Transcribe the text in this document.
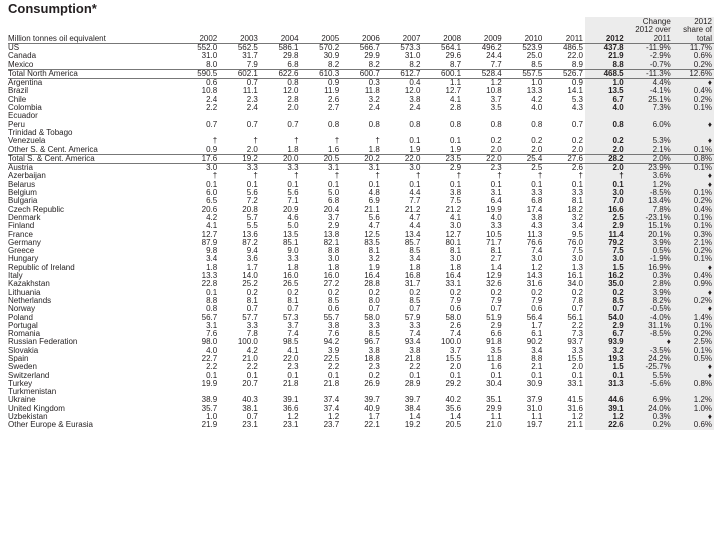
Consumption*
Million tonnes oil equivalent	2002	2003	2004	2005	2006	2007	2008	2009	2010	2011	2012	Change 2012 over 2011	2012 share of total
US	552.0	562.5	586.1	570.2	566.7	573.3	564.1	496.2	523.9	486.5	437.8	-11.9%	11.7%
Canada	31.0	31.7	29.8	30.9	29.9	31.0	29.6	24.4	25.0	22.0	21.9	-2.9%	0.6%
Mexico	8.0	7.9	6.8	8.2	8.2	8.2	8.7	7.7	8.5	8.9	8.8	-0.7%	0.2%
Total North America	590.5	602.1	622.6	610.3	600.7	612.7	600.1	528.4	557.5	526.7	468.5	-11.3%	12.6%
Argentina	0.6	0.7	0.8	0.9	0.3	0.4	1.1	1.2	1.0	0.9	1.0	4.4%	♦
Brazil	10.8	11.1	12.0	11.9	11.8	12.0	12.7	10.8	13.3	14.1	13.5	-4.1%	0.4%
Chile	2.4	2.3	2.8	2.6	3.2	3.8	4.1	3.7	4.2	5.3	6.7	25.1%	0.2%
Colombia	2.2	2.4	2.0	2.7	2.4	2.4	2.8	3.5	4.0	4.3	4.0	7.3%	0.1%
Ecuador													
Peru	0.7	0.7	0.7	0.8	0.8	0.8	0.8	0.8	0.8	0.7	0.8	6.0%	♦
Trinidad & Tobago													
Venezuela	†	†	†	†	†	0.1	0.1	0.2	0.2	0.2	0.2	5.3%	♦
Other S. & Cent. America	0.9	2.0	1.8	1.6	1.8	1.9	1.9	2.0	2.0	2.0	2.0	2.1%	0.1%
Total S. & Cent. America	17.6	19.2	20.0	20.5	20.2	22.0	23.5	22.0	25.4	27.6	28.2	2.0%	0.8%
Austria	3.0	3.3	3.3	3.1	3.1	3.0	2.9	2.3	2.5	2.6	2.0	23.9%	0.1%
Azerbaijan	†	†	†	†	†	†	†	†	†	†	†	3.6%	♦
Belarus	0.1	0.1	0.1	0.1	0.1	0.1	0.1	0.1	0.1	0.1	0.1	1.2%	♦
Belgium	6.0	5.6	5.6	5.0	4.8	4.4	3.8	3.1	3.3	3.3	3.0	-8.5%	0.1%
Bulgaria	6.5	7.2	7.1	6.8	6.9	7.7	7.5	6.4	6.8	8.1	7.0	13.4%	0.2%
Czech Republic	20.6	20.8	20.9	20.4	21.1	21.2	21.2	19.9	17.4	18.2	16.6	7.8%	0.4%
Denmark	4.2	5.7	4.6	3.7	5.6	4.7	4.1	4.0	3.8	3.2	2.5	-23.1%	0.1%
Finland	4.1	5.5	5.0	2.9	4.7	4.4	3.0	3.3	4.3	3.4	2.9	15.1%	0.1%
France	12.7	13.6	13.5	13.8	12.5	13.4	12.7	10.5	11.3	9.5	11.4	20.1%	0.3%
Germany	87.9	87.2	85.1	82.1	83.5	85.7	80.1	71.7	76.6	76.0	79.2	3.9%	2.1%
Greece	9.8	9.4	9.0	8.8	8.1	8.5	8.1	8.1	7.4	7.5	7.5	0.5%	0.2%
Hungary	3.4	3.6	3.3	3.0	3.2	3.4	3.0	2.7	3.0	3.0	3.0	-1.9%	0.1%
Republic of Ireland	1.8	1.7	1.8	1.8	1.9	1.8	1.8	1.4	1.2	1.3	1.5	16.9%	♦
Italy	13.3	14.0	16.0	16.0	16.4	16.8	16.4	12.9	14.3	16.1	16.2	0.3%	0.4%
Kazakhstan	22.8	25.2	26.5	27.2	28.8	31.7	33.1	32.6	31.6	34.0	35.0	2.8%	0.9%
Lithuania	0.1	0.2	0.2	0.2	0.2	0.2	0.2	0.2	0.2	0.2	0.2	3.9%	♦
Netherlands	8.8	8.1	8.1	8.5	8.0	8.5	7.9	7.9	7.9	7.8	8.5	8.2%	0.2%
Norway	0.8	0.7	0.7	0.6	0.7	0.7	0.6	0.7	0.6	0.7	0.7	-0.5%	♦
Poland	56.7	57.7	57.3	55.7	58.0	57.9	58.0	51.9	56.4	56.1	54.0	-4.0%	1.4%
Portugal	3.1	3.3	3.7	3.8	3.3	3.3	2.6	2.9	1.7	2.2	2.9	31.1%	0.1%
Romania	7.6	7.8	7.4	7.6	8.5	7.4	7.4	6.6	6.1	7.3	6.7	-8.5%	0.2%
Russian Federation	98.0	100.0	98.5	94.2	96.7	93.4	100.0	91.8	90.2	93.7	93.9	♦	2.5%
Slovakia	4.0	4.2	4.1	3.9	3.8	3.8	3.7	3.5	3.4	3.3	3.2	-3.5%	0.1%
Spain	22.7	21.0	22.0	22.5	18.8	21.8	15.5	11.8	8.8	15.5	19.3	24.2%	0.5%
Sweden	2.2	2.2	2.3	2.2	2.3	2.2	2.0	1.6	2.1	2.0	1.5	-25.7%	♦
Switzerland	0.1	0.1	0.1	0.1	0.2	0.1	0.1	0.1	0.1	0.1	0.1	5.5%	♦
Turkey	19.9	20.7	21.8	21.8	26.9	28.9	29.2	30.4	30.9	33.1	31.3	-5.6%	0.8%
Turkmenistan													
Ukraine	38.9	40.3	39.1	37.4	39.7	39.7	40.2	35.1	37.9	41.5	44.6	6.9%	1.2%
United Kingdom	35.7	38.1	36.6	37.4	40.9	38.4	35.6	29.9	31.0	31.6	39.1	24.0%	1.0%
Uzbekistan	1.0	0.7	1.2	1.2	1.7	1.4	1.4	1.1	1.1	1.2	1.2	0.3%	♦
Other Europe & Eurasia	21.9	23.1	23.1	23.7	22.1	19.2	20.5	21.0	19.7	21.1	22.6	0.2%	0.6%
